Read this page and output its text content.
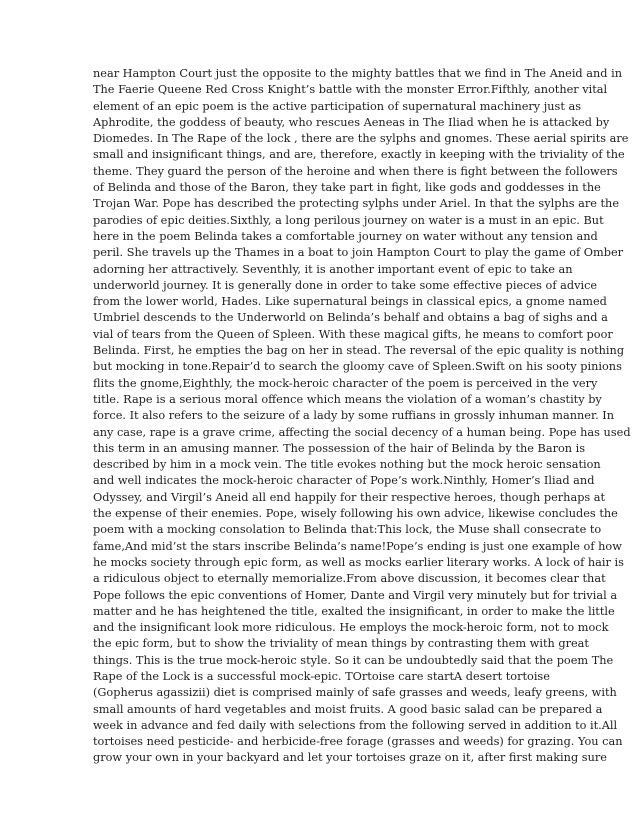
near Hampton Court just the opposite to the mighty battles that we find in The Aneid and in
The Faerie Queene Red Cross Knight’s battle with the monster Error.Fifthly, another vital
element of an epic poem is the active participation of supernatural machinery just as
Aphrodite, the goddess of beauty, who rescues Aeneas in The Iliad when he is attacked by
Diomedes. In The Rape of the lock , there are the sylphs and gnomes. These aerial spirits are
small and insignificant things, and are, therefore, exactly in keeping with the triviality of the
theme. They guard the person of the heroine and when there is fight between the followers
of Belinda and those of the Baron, they take part in fight, like gods and goddesses in the
Trojan War. Pope has described the protecting sylphs under Ariel. In that the sylphs are the
parodies of epic deities.Sixthly, a long perilous journey on water is a must in an epic. But
here in the poem Belinda takes a comfortable journey on water without any tension and
peril. She travels up the Thames in a boat to join Hampton Court to play the game of Omber
adorning her attractively. Seventhly, it is another important event of epic to take an
underworld journey. It is generally done in order to take some effective pieces of advice
from the lower world, Hades. Like supernatural beings in classical epics, a gnome named
Umbriel descends to the Underworld on Belinda’s behalf and obtains a bag of sighs and a
vial of tears from the Queen of Spleen. With these magical gifts, he means to comfort poor
Belinda. First, he empties the bag on her in stead. The reversal of the epic quality is nothing
but mocking in tone.Repair’d to search the gloomy cave of Spleen.Swift on his sooty pinions
flits the gnome,Eighthly, the mock-heroic character of the poem is perceived in the very
title. Rape is a serious moral offence which means the violation of a woman’s chastity by
force. It also refers to the seizure of a lady by some ruffians in grossly inhuman manner. In
any case, rape is a grave crime, affecting the social decency of a human being. Pope has used
this term in an amusing manner. The possession of the hair of Belinda by the Baron is
described by him in a mock vein. The title evokes nothing but the mock heroic sensation
and well indicates the mock-heroic character of Pope’s work.Ninthly, Homer’s Iliad and
Odyssey, and Virgil’s Aneid all end happily for their respective heroes, though perhaps at
the expense of their enemies. Pope, wisely following his own advice, likewise concludes the
poem with a mocking consolation to Belinda that:This lock, the Muse shall consecrate to
fame,And mid’st the stars inscribe Belinda’s name!Pope’s ending is just one example of how
he mocks society through epic form, as well as mocks earlier literary works. A lock of hair is
a ridiculous object to eternally memorialize.From above discussion, it becomes clear that
Pope follows the epic conventions of Homer, Dante and Virgil very minutely but for trivial a
matter and he has heightened the title, exalted the insignificant, in order to make the little
and the insignificant look more ridiculous. He employs the mock-heroic form, not to mock
the epic form, but to show the triviality of mean things by contrasting them with great
things. This is the true mock-heroic style. So it can be undoubtedly said that the poem The
Rape of the Lock is a successful mock-epic. TOrtoise care startA desert tortoise
(Gopherus agassizii) diet is comprised mainly of safe grasses and weeds, leafy greens, with
small amounts of hard vegetables and moist fruits. A good basic salad can be prepared a
week in advance and fed daily with selections from the following served in addition to it.All
tortoises need pesticide- and herbicide-free forage (grasses and weeds) for grazing. You can
grow your own in your backyard and let your tortoises graze on it, after first making sure
